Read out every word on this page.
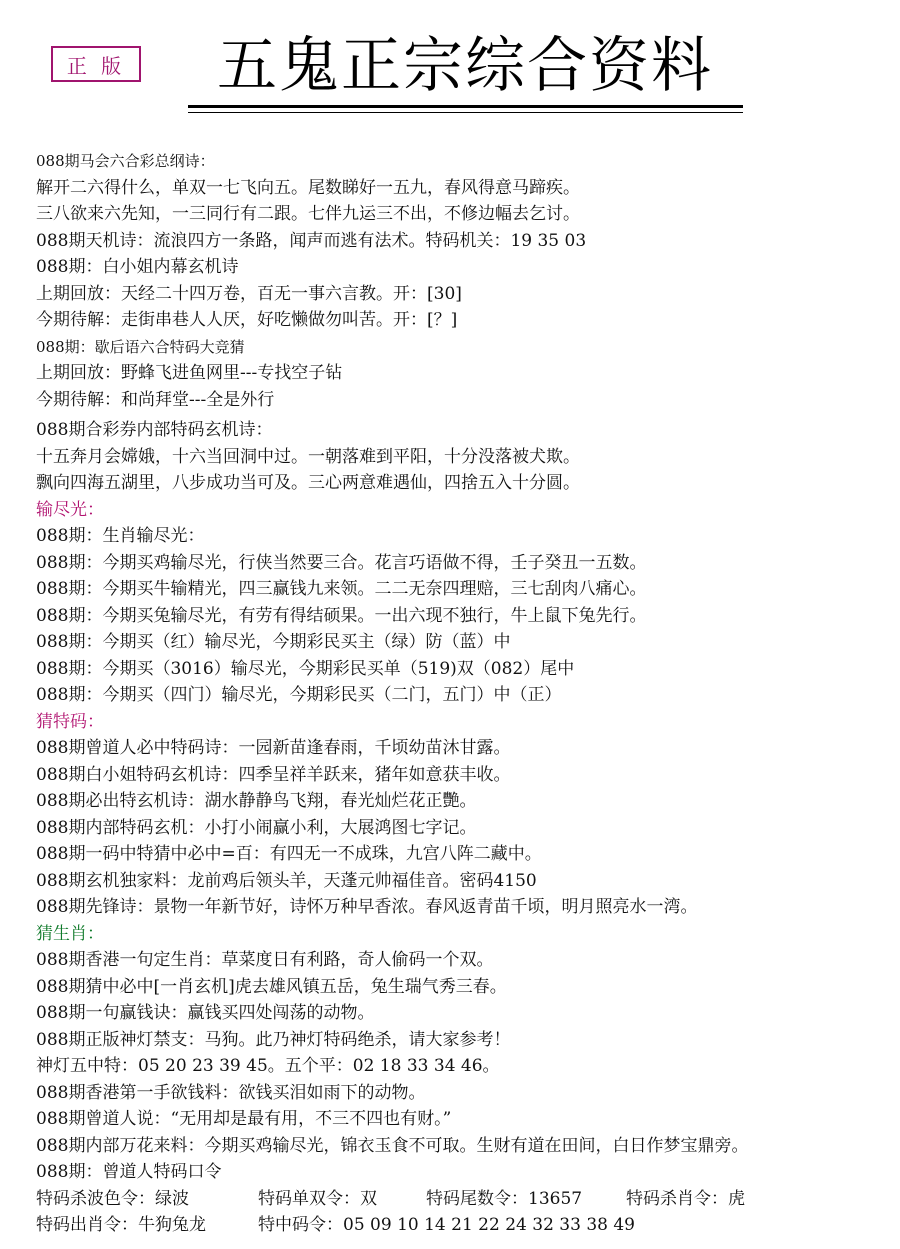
正 版	五鬼正宗综合资料
088期马会六合彩总纲诗：
解开二六得什么，单双一七飞向五。尾数睇好一五九，春风得意马蹄疾。
三八欲来六先知，一三同行有二跟。七伴九运三不出，不修边幅去乞讨。
088期天机诗：流浪四方一条路，闻声而逃有法术。特码机关：19 35 03
088期：白小姐内幕玄机诗
上期回放：天经二十四万卷，百无一事六言教。开：[30]
今期待解：走街串巷人人厌，好吃懒做勿叫苦。开：[？]
088期：歇后语六合特码大竞猜
上期回放：野蜂飞进鱼网里---专找空子钻
今期待解：和尚拜堂---全是外行
088期合彩券内部特码玄机诗：
十五奔月会嫦娥，十六当回洞中过。一朝落难到平阳，十分没落被犬欺。
飘向四海五湖里，八步成功当可及。三心两意难遇仙，四捨五入十分圆。
输尽光：
088期：生肖输尽光：
088期：今期买鸡输尽光，行侠当然要三合。花言巧语做不得，壬子癸丑一五数。
088期：今期买牛输精光，四三赢钱九来领。二二无奈四理赔，三七刮肉八痛心。
088期：今期买兔输尽光，有劳有得结硕果。一出六现不独行，牛上鼠下兔先行。
088期：今期买（红）输尽光，今期彩民买主（绿）防（蓝）中
088期：今期买（3016）输尽光，今期彩民买单（519)双（082）尾中
088期：今期买（四门）输尽光，今期彩民买（二门，五门）中（正）
猜特码：
088期曾道人必中特码诗：一园新苗逢春雨，千顷幼苗沐甘露。
088期白小姐特码玄机诗：四季呈祥羊跃来，猪年如意获丰收。
088期必出特玄机诗：湖水静静鸟飞翔，春光灿烂花正艷。
088期内部特码玄机：小打小闹赢小利，大展鸿图七字记。
088期一码中特猜中必中=百：有四无一不成珠，九宫八阵二藏中。
088期玄机独家料：龙前鸡后领头羊，天蓬元帅福佳音。密码4150
088期先锋诗：景物一年新节好，诗怀万种早香浓。春风返青苗千顷，明月照亮水一湾。
猜生肖：
088期香港一句定生肖：草菜度日有利路，奇人偷码一个双。
088期猜中必中[一肖玄机]虎去雄风镇五岳，兔生瑞气秀三春。
088期一句赢钱诀：赢钱买四处闯荡的动物。
088期正版神灯禁支：马狗。此乃神灯特码绝杀，请大家参考！
神灯五中特：05 20 23 39 45。五个平：02 18 33 34 46。
088期香港第一手欲钱料：欲钱买泪如雨下的动物。
088期曾道人说：“无用却是最有用，不三不四也有财。”
088期内部万花来料：今期买鸡输尽光，锦衣玉食不可取。生财有道在田间，白日作梦宝鼎旁。
088期：曾道人特码口令
特码杀波色令：绿波	特码单双令：双	特码尾数令：13657	特码杀肖令：虎
特码出肖令：牛狗兔龙	特中码令：05 09 10 14 21 22 24 32 33 38 49
